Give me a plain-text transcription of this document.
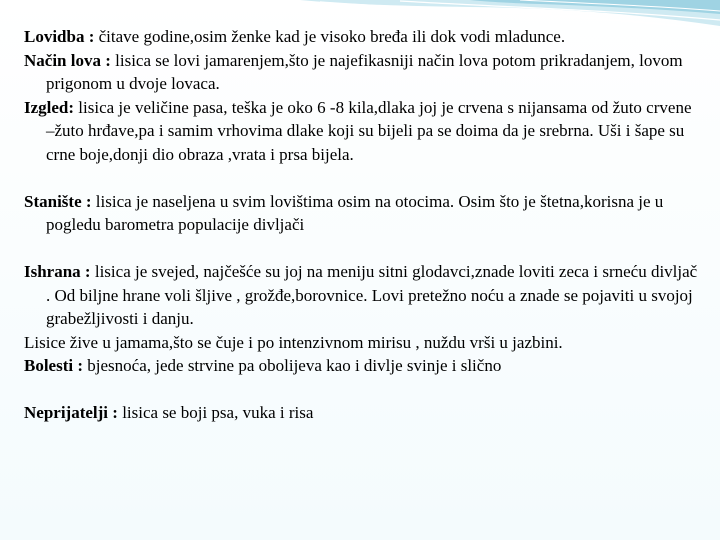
Lovidba : čitave godine,osim ženke kad je visoko bređa ili dok vodi mladunce.

Način lova : lisica se lovi jamarenjem,što je najefikasniji način lova potom prikradanjem, lovom prigonom u dvoje lovaca.

Izgled: lisica je veličine pasa, teška je oko 6 -8 kila,dlaka joj je crvena s nijansama od žuto crvene –žuto hrđave,pa i samim vrhovima dlake koji su bijeli pa se doima da je srebrna. Uši i šape su crne boje,donji dio obraza ,vrata i prsa bijela.

Stanište : lisica je naseljena u svim lovištima osim na otocima. Osim što je štetna,korisna je u pogledu barometra populacije divljači

Ishrana : lisica je svejed, najčešće su joj na meniju sitni glodavci,znade loviti zeca i srneću divljač . Od biljne hrane voli šljive , grožđe,borovnice. Lovi pretežno noću a znade se pojaviti u svojoj grabežljivosti i danju.

Lisice žive u jamama,što se čuje i po intenzivnom mirisu , nuždu vrši u jazbini.

Bolesti : bjesnoća, jede strvine pa obolijeva kao i divlje svinje i slično

Neprijatelji : lisica se boji psa, vuka i risa
